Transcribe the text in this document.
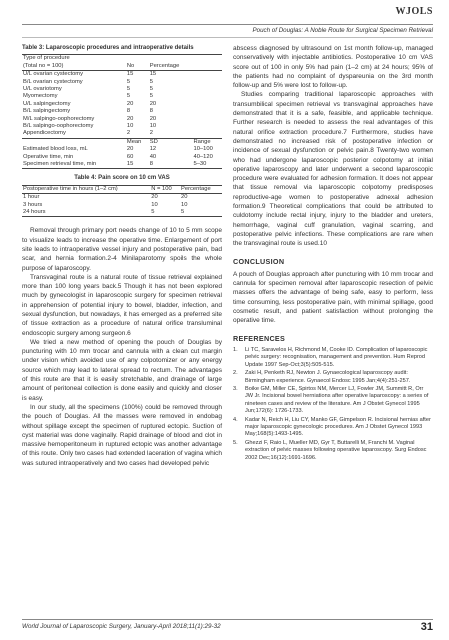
WJOLS
Pouch of Douglas: A Noble Route for Surgical Specimen Retrieval
Table 3: Laparoscopic procedures and intraoperative details
Type of procedure			
(Total no = 100)	No	Percentage	
U/L ovarian cystectomy	15	15	
B/L ovarian cystectomy	5	5	
U/L ovariotomy	5	5	
Myomectomy	5	5	
U/L salpingectomy	20	20	
B/L salpingectomy	8	8	
M/L salpingo-oophorectomy	20	20	
B/L salpingo-oophorectomy	10	10	
Appendicectomy	2	2	
	Mean	SD	Range
Estimated blood loss, mL	20	12	10–100
Operative time, min	60	40	40–120
Specimen retrieval time, min	15	8	5–30
Table 4: Pain score on 10 cm VAS
Postoperative time in hours (1–2 cm)	N = 100	Percentage
1 hour	20	20
3 hours	10	10
24 hours	5	5

Removal through primary port needs change of 10 to 5 mm scope to visualize leads to increase the operative time. Enlargement of port site leads to intraoperative vessel injury and postoperative pain, bad scar, and hernia formation.2-4 Minilaparotomy spoils the whole purpose of laparoscopy.

Transvaginal route is a natural route of tissue retrieval explained more than 100 long years back.5 Though it has not been explored much by gynecologist in laparoscopic surgery for specimen retrieval in apprehension of potential injury to bowel, bladder, infection, and sexual dysfunction, but nowadays, it has emerged as a preferred site of tissue extraction as a procedure of natural orifice transluminal endoscopic surgery among surgeon.6

We tried a new method of opening the pouch of Douglas by puncturing with 10 mm trocar and cannula with a clean cut margin under vision which avoided use of any colpotomizer or any energy source which may lead to lateral spread to rectum. The advantages of this route are that it is easily stretchable, and drainage of large amount of peritoneal collection is done easily and quickly and closer is easy.

In our study, all the specimens (100%) could be removed through the pouch of Douglas. All the masses were removed in endobag without spillage except the specimen of ruptured ectopic. Suction of cyst material was done vaginally. Rapid drainage of blood and clot in massive hemoperitoneum in ruptured ectopic was another advantage of this route. Only two cases had extended laceration of vagina which was sutured intraoperatively and two cases had developed pelvic

abscess diagnosed by ultrasound on 1st month follow-up, managed conservatively with injectable antibiotics. Postoperative 10 cm VAS score out of 100 in only 5% had pain (1–2 cm) at 24 hours; 95% of the patients had no complaint of dyspareunia on the 3rd month follow-up and 5% were lost to follow-up.

Studies comparing traditional laparoscopic approaches with transumbilical specimen retrieval vs transvaginal approaches have demonstrated that it is a safe, feasible, and applicable technique. Further research is needed to assess the real advantages of this natural orifice extraction procedure.7 Furthermore, studies have demonstrated no increased risk of postoperative infection or incidence of sexual dysfunction or pelvic pain.8 Twenty-two women who had undergone laparoscopic posterior colpotomy at initial operative laparoscopy and later underwent a second laparoscopic procedure were evaluated for adhesion formation. It does not appear that tissue removal via laparoscopic colpotomy predisposes reproductive-age women to postoperative adnexal adhesion formation.9 Theoretical complications that could be attributed to culdotomy include rectal injury, injury to the bladder and ureters, hemorrhage, vaginal cuff granulation, vaginal scarring, and postoperative pelvic infections. These complications are rare when the transvaginal route is used.10

CONCLUSION

A pouch of Douglas approach after puncturing with 10 mm trocar and cannula for specimen removal after laparoscopic resection of pelvic masses offers the advantage of being safe, easy to perform, less time consuming, less postoperative pain, with minimal spillage, good cosmetic result, and patient satisfaction without prolonging the operative time.

REFERENCES
1.	Li TC, Saravelos H, Richmond M, Cooke ID. Complication of laparoscopic pelvic surgery: recognisation, management and prevention. Hum Reprod Update 1997 Sep-Oct;3(5):505-515.
2.	Zaki H, Penketh RJ, Newton J. Gynaecological laparoscopy audit: Birmingham experience. Gynaecol Endosc 1995 Jan;4(4):251-257.
3.	Boike GM, Miller CE, Spirtos NM, Mercer LJ, Fowler JM, Summitt R, Orr JW Jr. Incisional bowel herniations after operative laparoscopy: a series of nineteen cases and review of the literature. Am J Obstet Gynecol 1995 Jun;172(6): 1726-1733.
4.	Kadar N, Reich H, Liu CY, Manko GF, Gimpelson R. Incisional hernias after major laparoscopic gynecologic procedures. Am J Obstet Gynecol 1993 May;168(5):1493-1495.
5.	Ghezzi F, Raio L, Mueller MD, Gyr T, Buttarelli M, Franchi M. Vaginal extraction of pelvic masses following operative laparoscopy. Surg Endosc 2002 Dec;16(12):1691-1696.
World Journal of Laparoscopic Surgery, January-April 2018;11(1):29-32	31
